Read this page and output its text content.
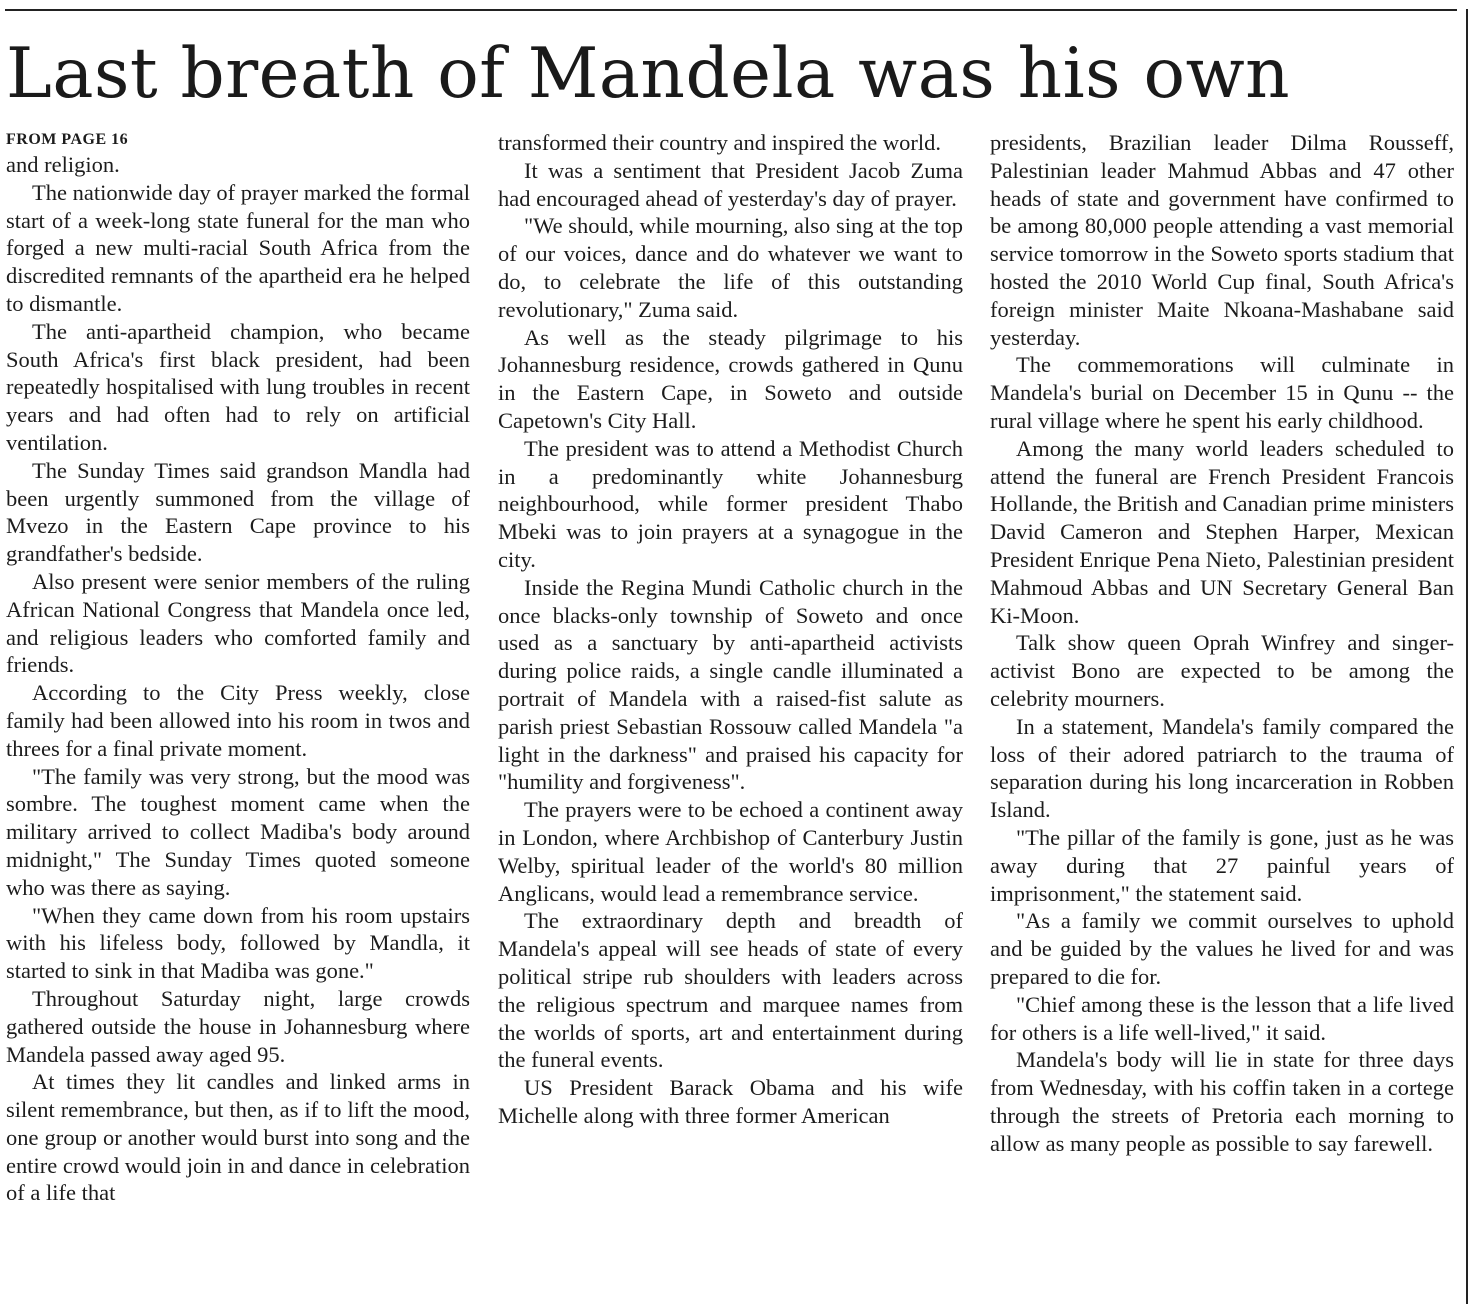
Last breath of Mandela was his own
FROM PAGE 16

and religion.

The nationwide day of prayer marked the formal start of a week-long state funeral for the man who forged a new multi-racial South Africa from the discredited remnants of the apartheid era he helped to dismantle.

The anti-apartheid champion, who became South Africa's first black president, had been repeatedly hospitalised with lung troubles in recent years and had often had to rely on artificial ventilation.

The Sunday Times said grandson Mandla had been urgently summoned from the village of Mvezo in the Eastern Cape province to his grandfather's bedside.

Also present were senior members of the ruling African National Congress that Mandela once led, and religious leaders who comforted family and friends.

According to the City Press weekly, close family had been allowed into his room in twos and threes for a final private moment.

"The family was very strong, but the mood was sombre. The toughest moment came when the military arrived to collect Madiba's body around midnight," The Sunday Times quoted someone who was there as saying.

"When they came down from his room upstairs with his lifeless body, followed by Mandla, it started to sink in that Madiba was gone."

Throughout Saturday night, large crowds gathered outside the house in Johannesburg where Mandela passed away aged 95.

At times they lit candles and linked arms in silent remembrance, but then, as if to lift the mood, one group or another would burst into song and the entire crowd would join in and dance in celebration of a life that

transformed their country and inspired the world.

It was a sentiment that President Jacob Zuma had encouraged ahead of yesterday's day of prayer.

"We should, while mourning, also sing at the top of our voices, dance and do whatever we want to do, to celebrate the life of this outstanding revolutionary," Zuma said.

As well as the steady pilgrimage to his Johannesburg residence, crowds gathered in Qunu in the Eastern Cape, in Soweto and outside Capetown's City Hall.

The president was to attend a Methodist Church in a predominantly white Johannesburg neighbourhood, while former president Thabo Mbeki was to join prayers at a synagogue in the city.

Inside the Regina Mundi Catholic church in the once blacks-only township of Soweto and once used as a sanctuary by anti-apartheid activists during police raids, a single candle illuminated a portrait of Mandela with a raised-fist salute as parish priest Sebastian Rossouw called Mandela "a light in the darkness" and praised his capacity for "humility and forgiveness".

The prayers were to be echoed a continent away in London, where Archbishop of Canterbury Justin Welby, spiritual leader of the world's 80 million Anglicans, would lead a remembrance service.

The extraordinary depth and breadth of Mandela's appeal will see heads of state of every political stripe rub shoulders with leaders across the religious spectrum and marquee names from the worlds of sports, art and entertainment during the funeral events.

US President Barack Obama and his wife Michelle along with three former American

presidents, Brazilian leader Dilma Rousseff, Palestinian leader Mahmud Abbas and 47 other heads of state and government have confirmed to be among 80,000 people attending a vast memorial service tomorrow in the Soweto sports stadium that hosted the 2010 World Cup final, South Africa's foreign minister Maite Nkoana-Mashabane said yesterday.

The commemorations will culminate in Mandela's burial on December 15 in Qunu -- the rural village where he spent his early childhood.

Among the many world leaders scheduled to attend the funeral are French President Francois Hollande, the British and Canadian prime ministers David Cameron and Stephen Harper, Mexican President Enrique Pena Nieto, Palestinian president Mahmoud Abbas and UN Secretary General Ban Ki-Moon.

Talk show queen Oprah Winfrey and singer-activist Bono are expected to be among the celebrity mourners.

In a statement, Mandela's family compared the loss of their adored patriarch to the trauma of separation during his long incarceration in Robben Island.

"The pillar of the family is gone, just as he was away during that 27 painful years of imprisonment," the statement said.

"As a family we commit ourselves to uphold and be guided by the values he lived for and was prepared to die for.

"Chief among these is the lesson that a life lived for others is a life well-lived," it said.

Mandela's body will lie in state for three days from Wednesday, with his coffin taken in a cortege through the streets of Pretoria each morning to allow as many people as possible to say farewell.
